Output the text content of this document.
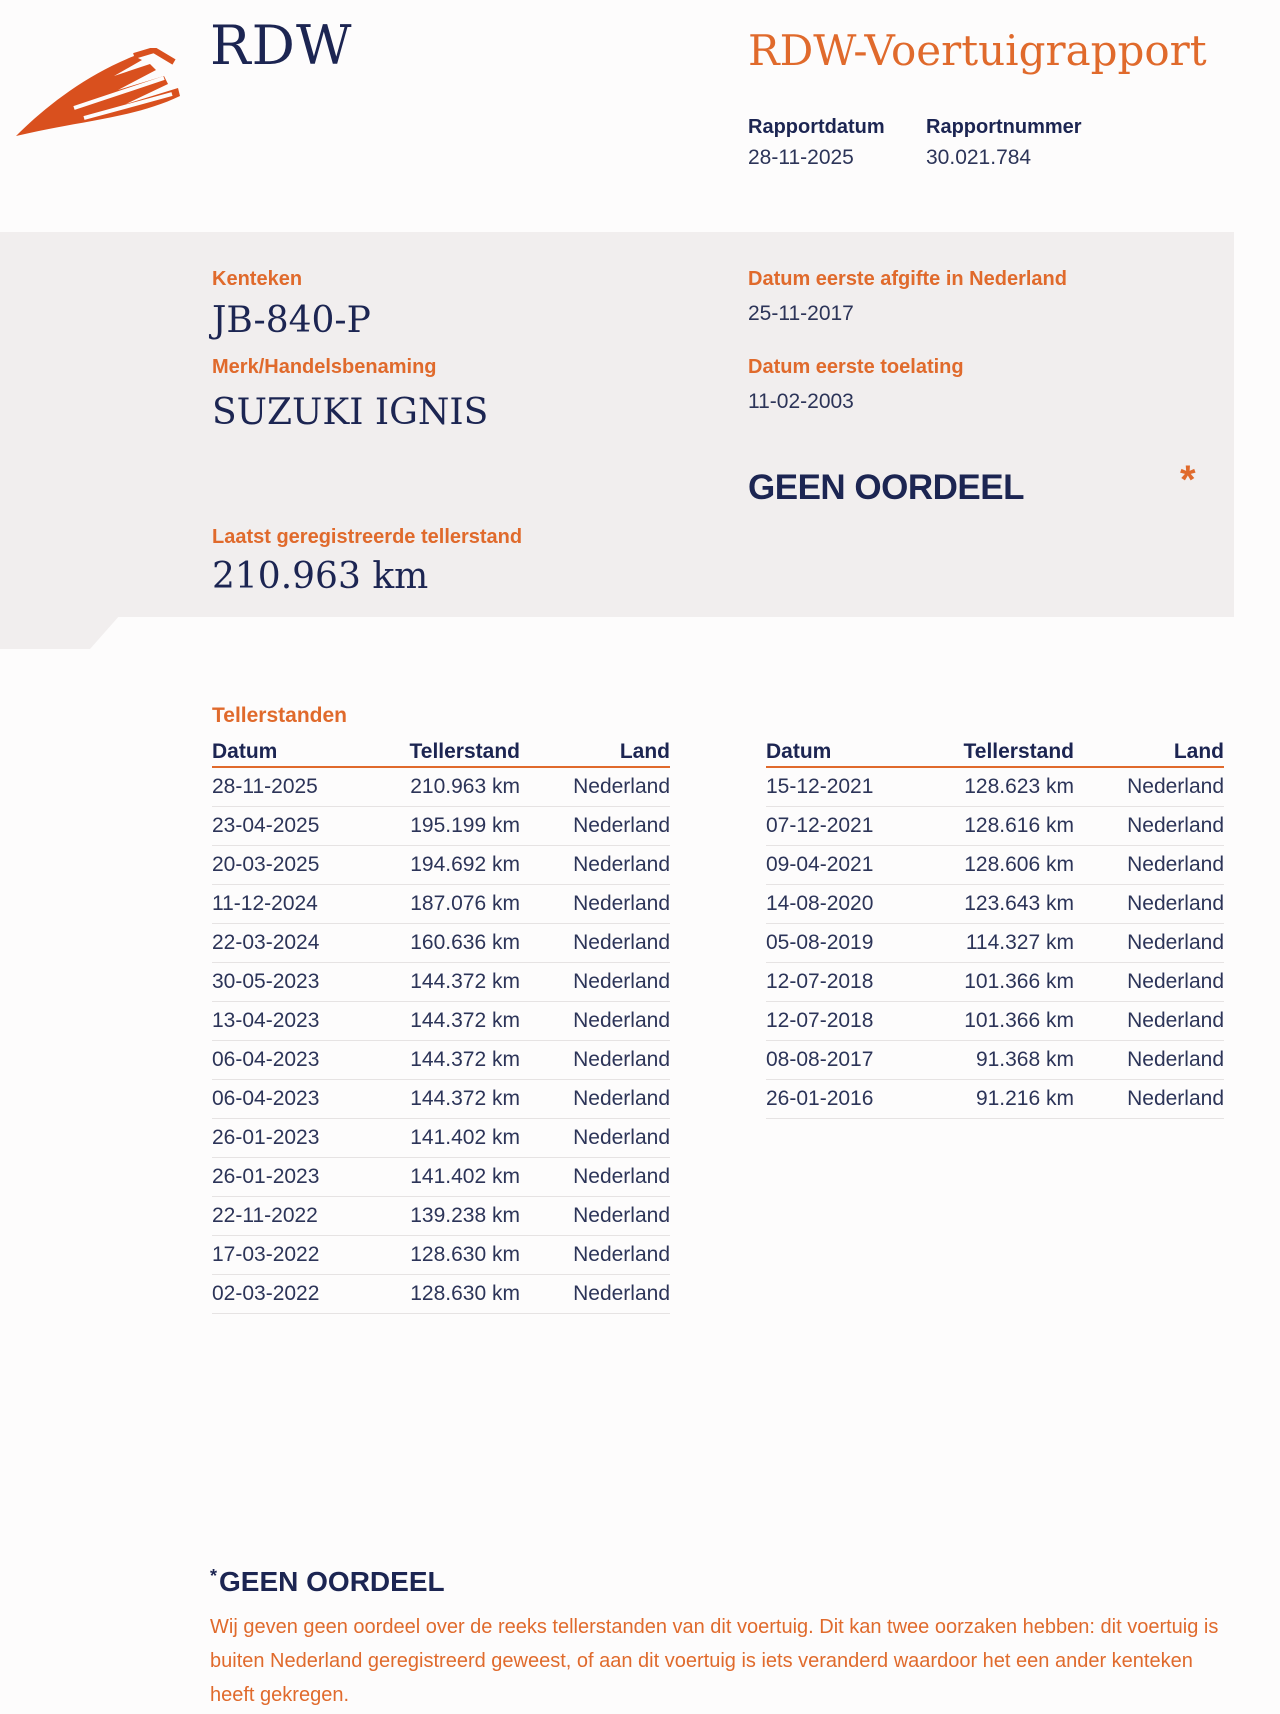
RDW	RDW-Voertuigrapport
Rapportdatum
28-11-2025
Rapportnummer
30.021.784
Kenteken
JB-840-P
Merk/Handelsbenaming
SUZUKI IGNIS
Datum eerste afgifte in Nederland
25-11-2017
Datum eerste toelating
11-02-2003
GEEN OORDEEL	*
Laatst geregistreerde tellerstand
210.963 km
Tellerstanden
Datum	Tellerstand	Land
28-11-2025	210.963 km	Nederland
23-04-2025	195.199 km	Nederland
20-03-2025	194.692 km	Nederland
11-12-2024	187.076 km	Nederland
22-03-2024	160.636 km	Nederland
30-05-2023	144.372 km	Nederland
13-04-2023	144.372 km	Nederland
06-04-2023	144.372 km	Nederland
06-04-2023	144.372 km	Nederland
26-01-2023	141.402 km	Nederland
26-01-2023	141.402 km	Nederland
22-11-2022	139.238 km	Nederland
17-03-2022	128.630 km	Nederland
02-03-2022	128.630 km	Nederland
Datum	Tellerstand	Land
15-12-2021	128.623 km	Nederland
07-12-2021	128.616 km	Nederland
09-04-2021	128.606 km	Nederland
14-08-2020	123.643 km	Nederland
05-08-2019	114.327 km	Nederland
12-07-2018	101.366 km	Nederland
12-07-2018	101.366 km	Nederland
08-08-2017	91.368 km	Nederland
26-01-2016	91.216 km	Nederland
*GEEN OORDEEL
Wij geven geen oordeel over de reeks tellerstanden van dit voertuig. Dit kan twee oorzaken hebben: dit voertuig is buiten Nederland geregistreerd geweest, of aan dit voertuig is iets veranderd waardoor het een ander kenteken heeft gekregen.
